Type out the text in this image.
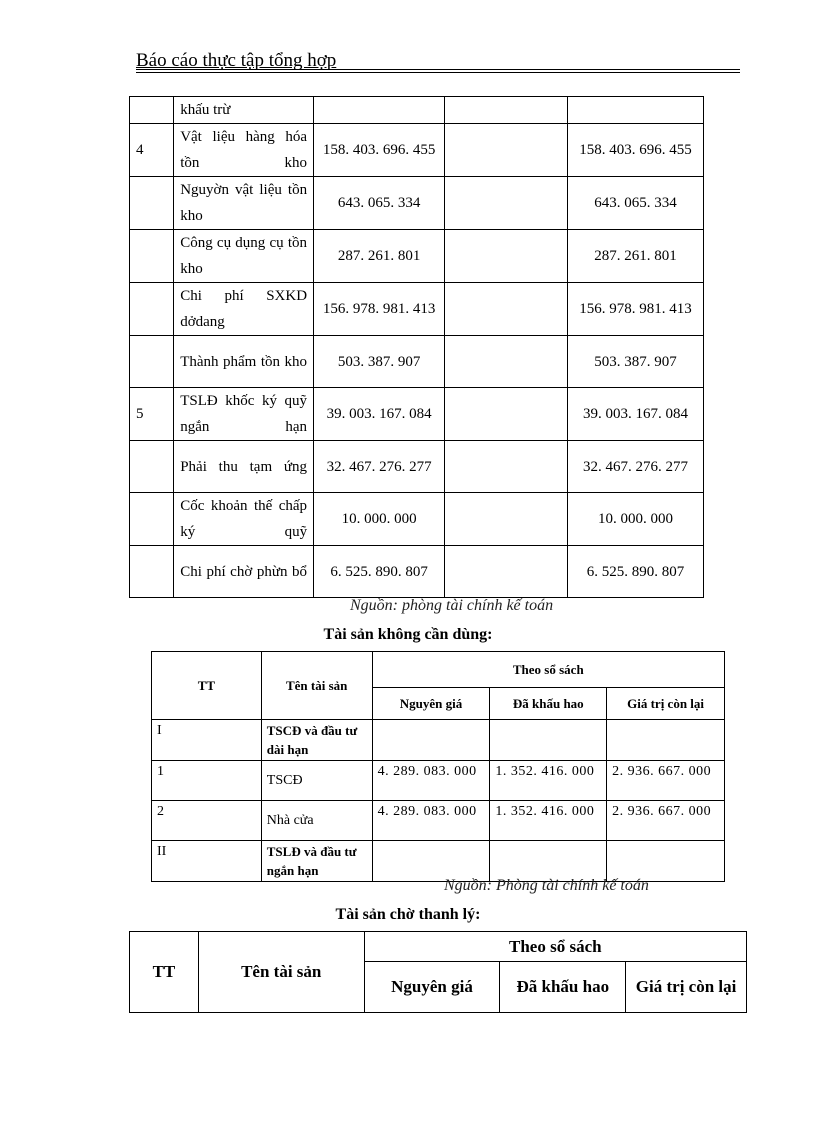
Báo cáo thực tập tổng hợp
	khấu trừ			
4	Vật liệu hàng hóa tồn kho	158. 403. 696. 455		158. 403. 696. 455
	Nguyờn vật liệu tồn kho	643. 065. 334		643. 065. 334
	Công cụ dụng cụ tồn kho	287. 261. 801		287. 261. 801
	Chi phí SXKD dởdang	156. 978. 981. 413		156. 978. 981. 413
	Thành phẩm tồn kho	503. 387. 907		503. 387. 907
5	TSLĐ khốc ký quỹ ngắn hạn	39. 003. 167. 084		39. 003. 167. 084
	Phải thu tạm ứng	32. 467. 276. 277		32. 467. 276. 277
	Cốc khoản thế chấp ký quỹ	10. 000. 000		10. 000. 000
	Chi phí chờ phừn bổ	6. 525. 890. 807		6. 525. 890. 807
Nguồn: phòng tài chính kế toán
Tài sản không cần dùng:
TT	Tên tài sản	Theo sổ sách		
		Nguyên giá	Đã khấu hao	Giá trị còn lại
I	TSCĐ và đầu tư dài hạn			
1	TSCĐ	4. 289. 083. 000	1. 352. 416. 000	2. 936. 667. 000
2	Nhà cửa	4. 289. 083. 000	1. 352. 416. 000	2. 936. 667. 000
II	TSLĐ và đầu tư ngắn hạn			
Nguồn: Phòng tài chính kế toán
Tài sản chờ thanh lý:
TT	Tên tài sản	Theo sổ sách		
		Nguyên giá	Đã khấu hao	Giá trị còn lại
